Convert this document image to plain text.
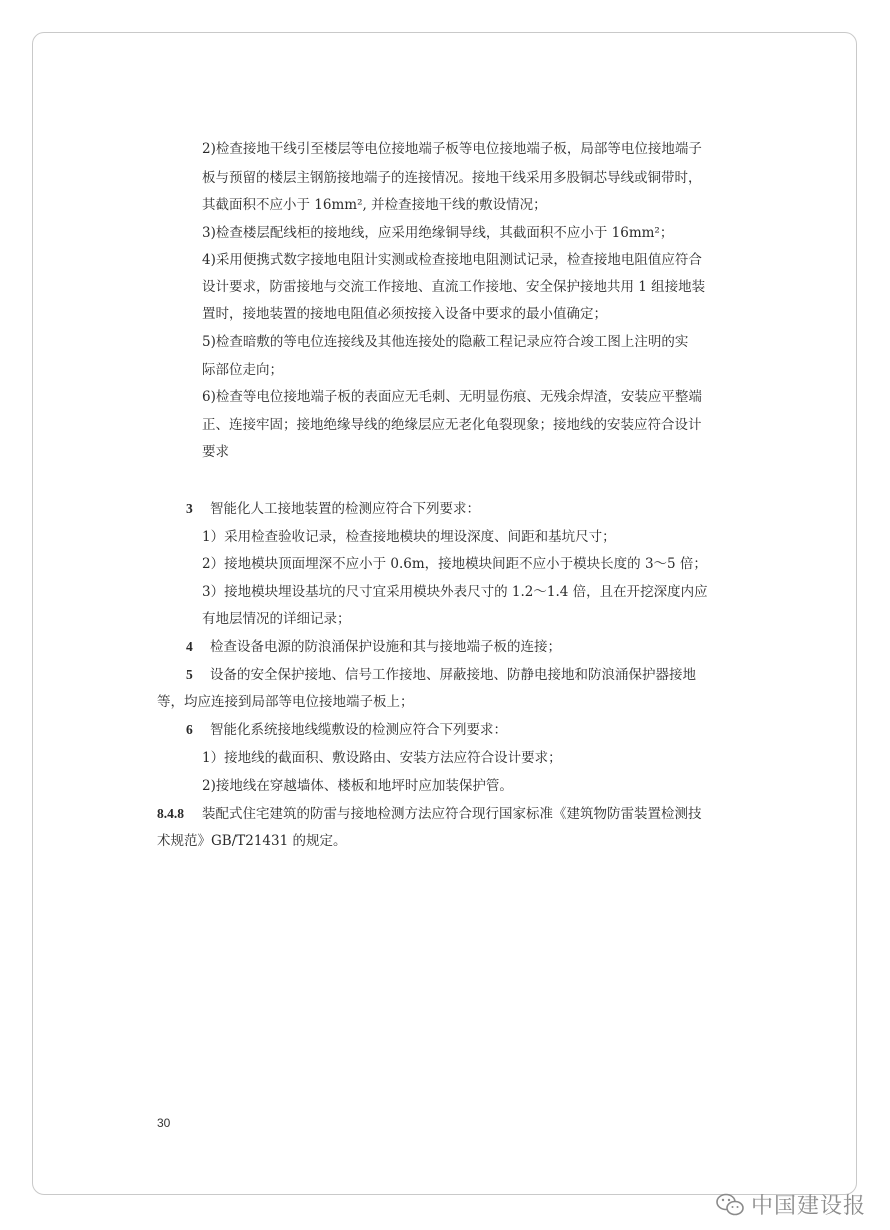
2)检查接地干线引至楼层等电位接地端子板等电位接地端子板，局部等电位接地端子
板与预留的楼层主钢筋接地端子的连接情况。接地干线采用多股铜芯导线或铜带时，
其截面积不应小于 16mm², 并检查接地干线的敷设情况；
3)检查楼层配线柜的接地线，应采用绝缘铜导线，其截面积不应小于 16mm²；
4)采用便携式数字接地电阻计实测或检查接地电阻测试记录，检查接地电阻值应符合
设计要求，防雷接地与交流工作接地、直流工作接地、安全保护接地共用 1 组接地装
置时，接地装置的接地电阻值必须按接入设备中要求的最小值确定；
5)检查暗敷的等电位连接线及其他连接处的隐蔽工程记录应符合竣工图上注明的实
际部位走向；
6)检查等电位接地端子板的表面应无毛刺、无明显伤痕、无残余焊渣，安装应平整端
正、连接牢固；接地绝缘导线的绝缘层应无老化龟裂现象；接地线的安装应符合设计
要求
3 智能化人工接地装置的检测应符合下列要求：
1）采用检查验收记录，检查接地模块的埋设深度、间距和基坑尺寸；
2）接地模块顶面埋深不应小于 0.6m，接地模块间距不应小于模块长度的 3～5 倍；
3）接地模块埋设基坑的尺寸宜采用模块外表尺寸的 1.2～1.4 倍，且在开挖深度内应
有地层情况的详细记录；
4 检查设备电源的防浪涌保护设施和其与接地端子板的连接；
5 设备的安全保护接地、信号工作接地、屏蔽接地、防静电接地和防浪涌保护器接地
等，均应连接到局部等电位接地端子板上；
6 智能化系统接地线缆敷设的检测应符合下列要求：
1）接地线的截面积、敷设路由、安装方法应符合设计要求；
2)接地线在穿越墙体、楼板和地坪时应加装保护管。
8.4.8 装配式住宅建筑的防雷与接地检测方法应符合现行国家标准《建筑物防雷装置检测技
术规范》GB/T21431 的规定。
30
中国建设报
